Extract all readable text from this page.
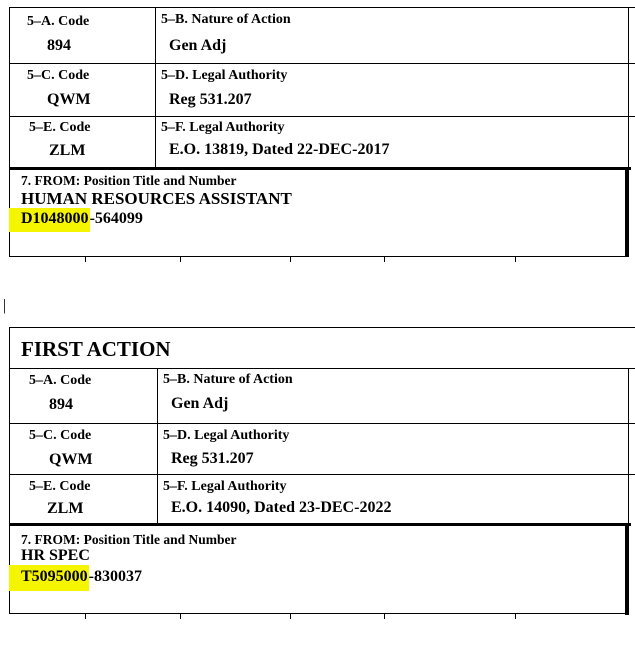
5–A. Code
894
5–B. Nature of Action
Gen Adj
5–C. Code
QWM
5–D. Legal Authority
Reg 531.207
5–E. Code
ZLM
5–F. Legal Authority
E.O. 13819, Dated 22-DEC-2017
7. FROM: Position Title and Number
HUMAN RESOURCES ASSISTANT
D1048000-564099
|
FIRST ACTION
5–A. Code
894
5–B. Nature of Action
Gen Adj
5–C. Code
QWM
5–D. Legal Authority
Reg 531.207
5–E. Code
ZLM
5–F. Legal Authority
E.O. 14090, Dated 23-DEC-2022
7. FROM: Position Title and Number
HR SPEC
T5095000-830037
